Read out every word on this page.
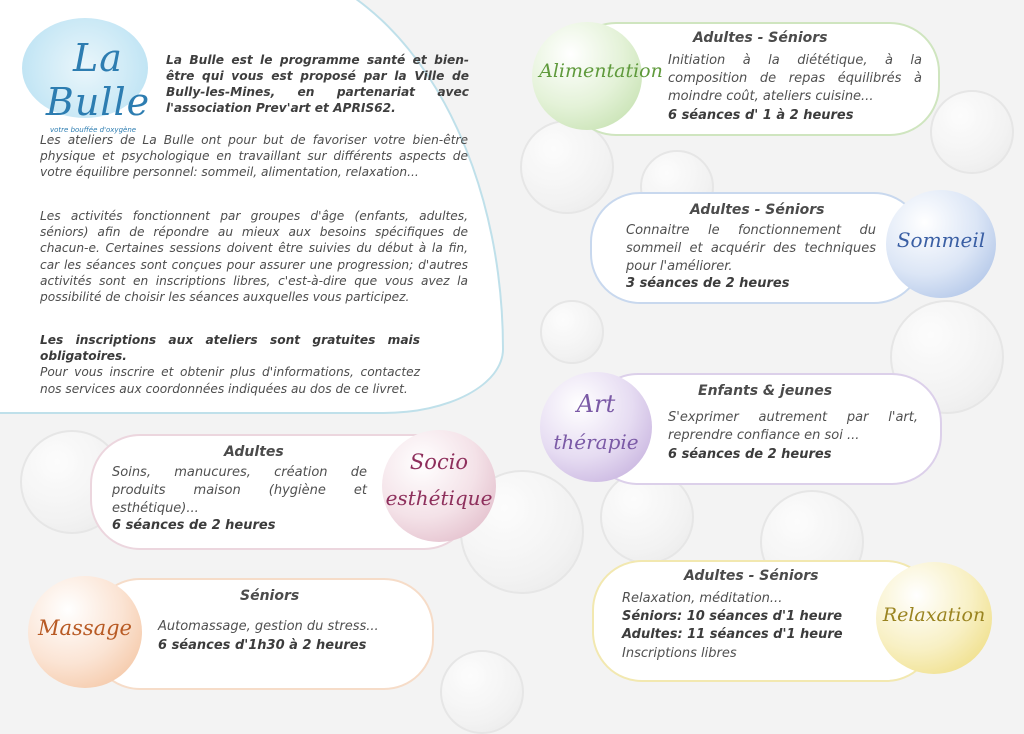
La Bulle
votre bouffée d'oxygène
La Bulle est le programme santé et bien-être qui vous est proposé par la Ville de Bully-les-Mines, en partenariat avec l'association Prev'art et APRIS62.
Les ateliers de La Bulle ont pour but de favoriser votre bien-être physique et psychologique en travaillant sur différents aspects de votre équilibre personnel: sommeil, alimentation, relaxation...
Les activités fonctionnent par groupes d'âge (enfants, adultes, séniors) afin de répondre au mieux aux besoins spécifiques de chacun-e. Certaines sessions doivent être suivies du début à la fin, car les séances sont conçues pour assurer une progression; d'autres activités sont en inscriptions libres, c'est-à-dire que vous avez la possibilité de choisir les séances auxquelles vous participez.
Les inscriptions aux ateliers sont gratuites mais obligatoires.
Pour vous inscrire et obtenir plus d'informations, contactez nos services aux coordonnées indiquées au dos de ce livret.
Adultes - Séniors
Initiation à la diététique, à la composition de repas équilibrés à moindre coût, ateliers cuisine...
6 séances d' 1 à 2 heures
Alimentation
Adultes - Séniors
Connaitre le fonctionnement du sommeil et acquérir des techniques pour l'améliorer.
3 séances de 2 heures
Sommeil
Enfants & jeunes
S'exprimer autrement par l'art, reprendre confiance en soi ...
6 séances de 2 heures
Art
thérapie
Adultes
Soins, manucures, création de produits maison (hygiène et esthétique)...
6 séances de 2 heures
Socio
esthétique
Séniors
Automassage, gestion du stress...
6 séances d'1h30 à 2 heures
Massage
Adultes - Séniors
Relaxation, méditation...
Séniors: 10 séances d'1 heure
Adultes: 11 séances d'1 heure
Inscriptions libres
Relaxation
